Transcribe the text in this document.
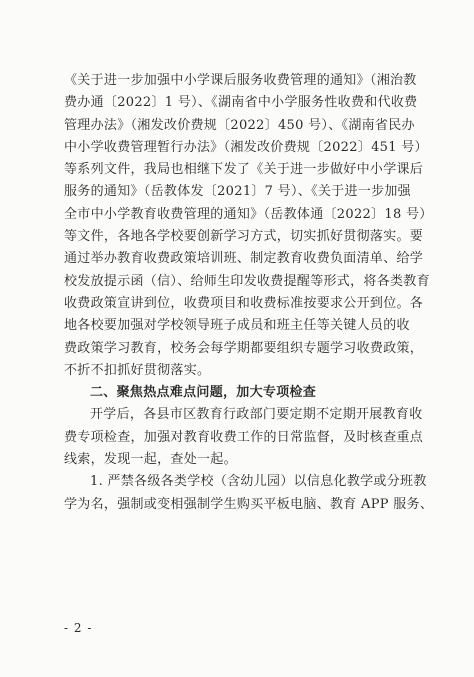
《关于进一步加强中小学课后服务收费管理的通知》（湘治教
费办通〔2022〕1 号）、《湖南省中小学服务性收费和代收费
管理办法》（湘发改价费规〔2022〕450 号）、《湖南省民办
中小学收费管理暂行办法》（湘发改价费规〔2022〕451 号）
等系列文件，我局也相继下发了《关于进一步做好中小学课后
服务的通知》（岳教体发〔2021〕7 号）、《关于进一步加强
全市中小学教育收费管理的通知》（岳教体通〔2022〕18 号）
等文件，各地各学校要创新学习方式，切实抓好贯彻落实。要
通过举办教育收费政策培训班、制定教育收费负面清单、给学
校发放提示函（信）、给师生印发收费提醒等形式，将各类教育
收费政策宣讲到位，收费项目和收费标准按要求公开到位。各
地各校要加强对学校领导班子成员和班主任等关键人员的收
费政策学习教育，校务会每学期都要组织专题学习收费政策，
不折不扣抓好贯彻落实。
二、聚焦热点难点问题，加大专项检查
开学后，各县市区教育行政部门要定期不定期开展教育收
费专项检查，加强对教育收费工作的日常监督，及时核查重点
线索，发现一起，查处一起。
1. 严禁各级各类学校（含幼儿园）以信息化教学或分班教
学为名，强制或变相强制学生购买平板电脑、教育 APP 服务、
- 2 -
